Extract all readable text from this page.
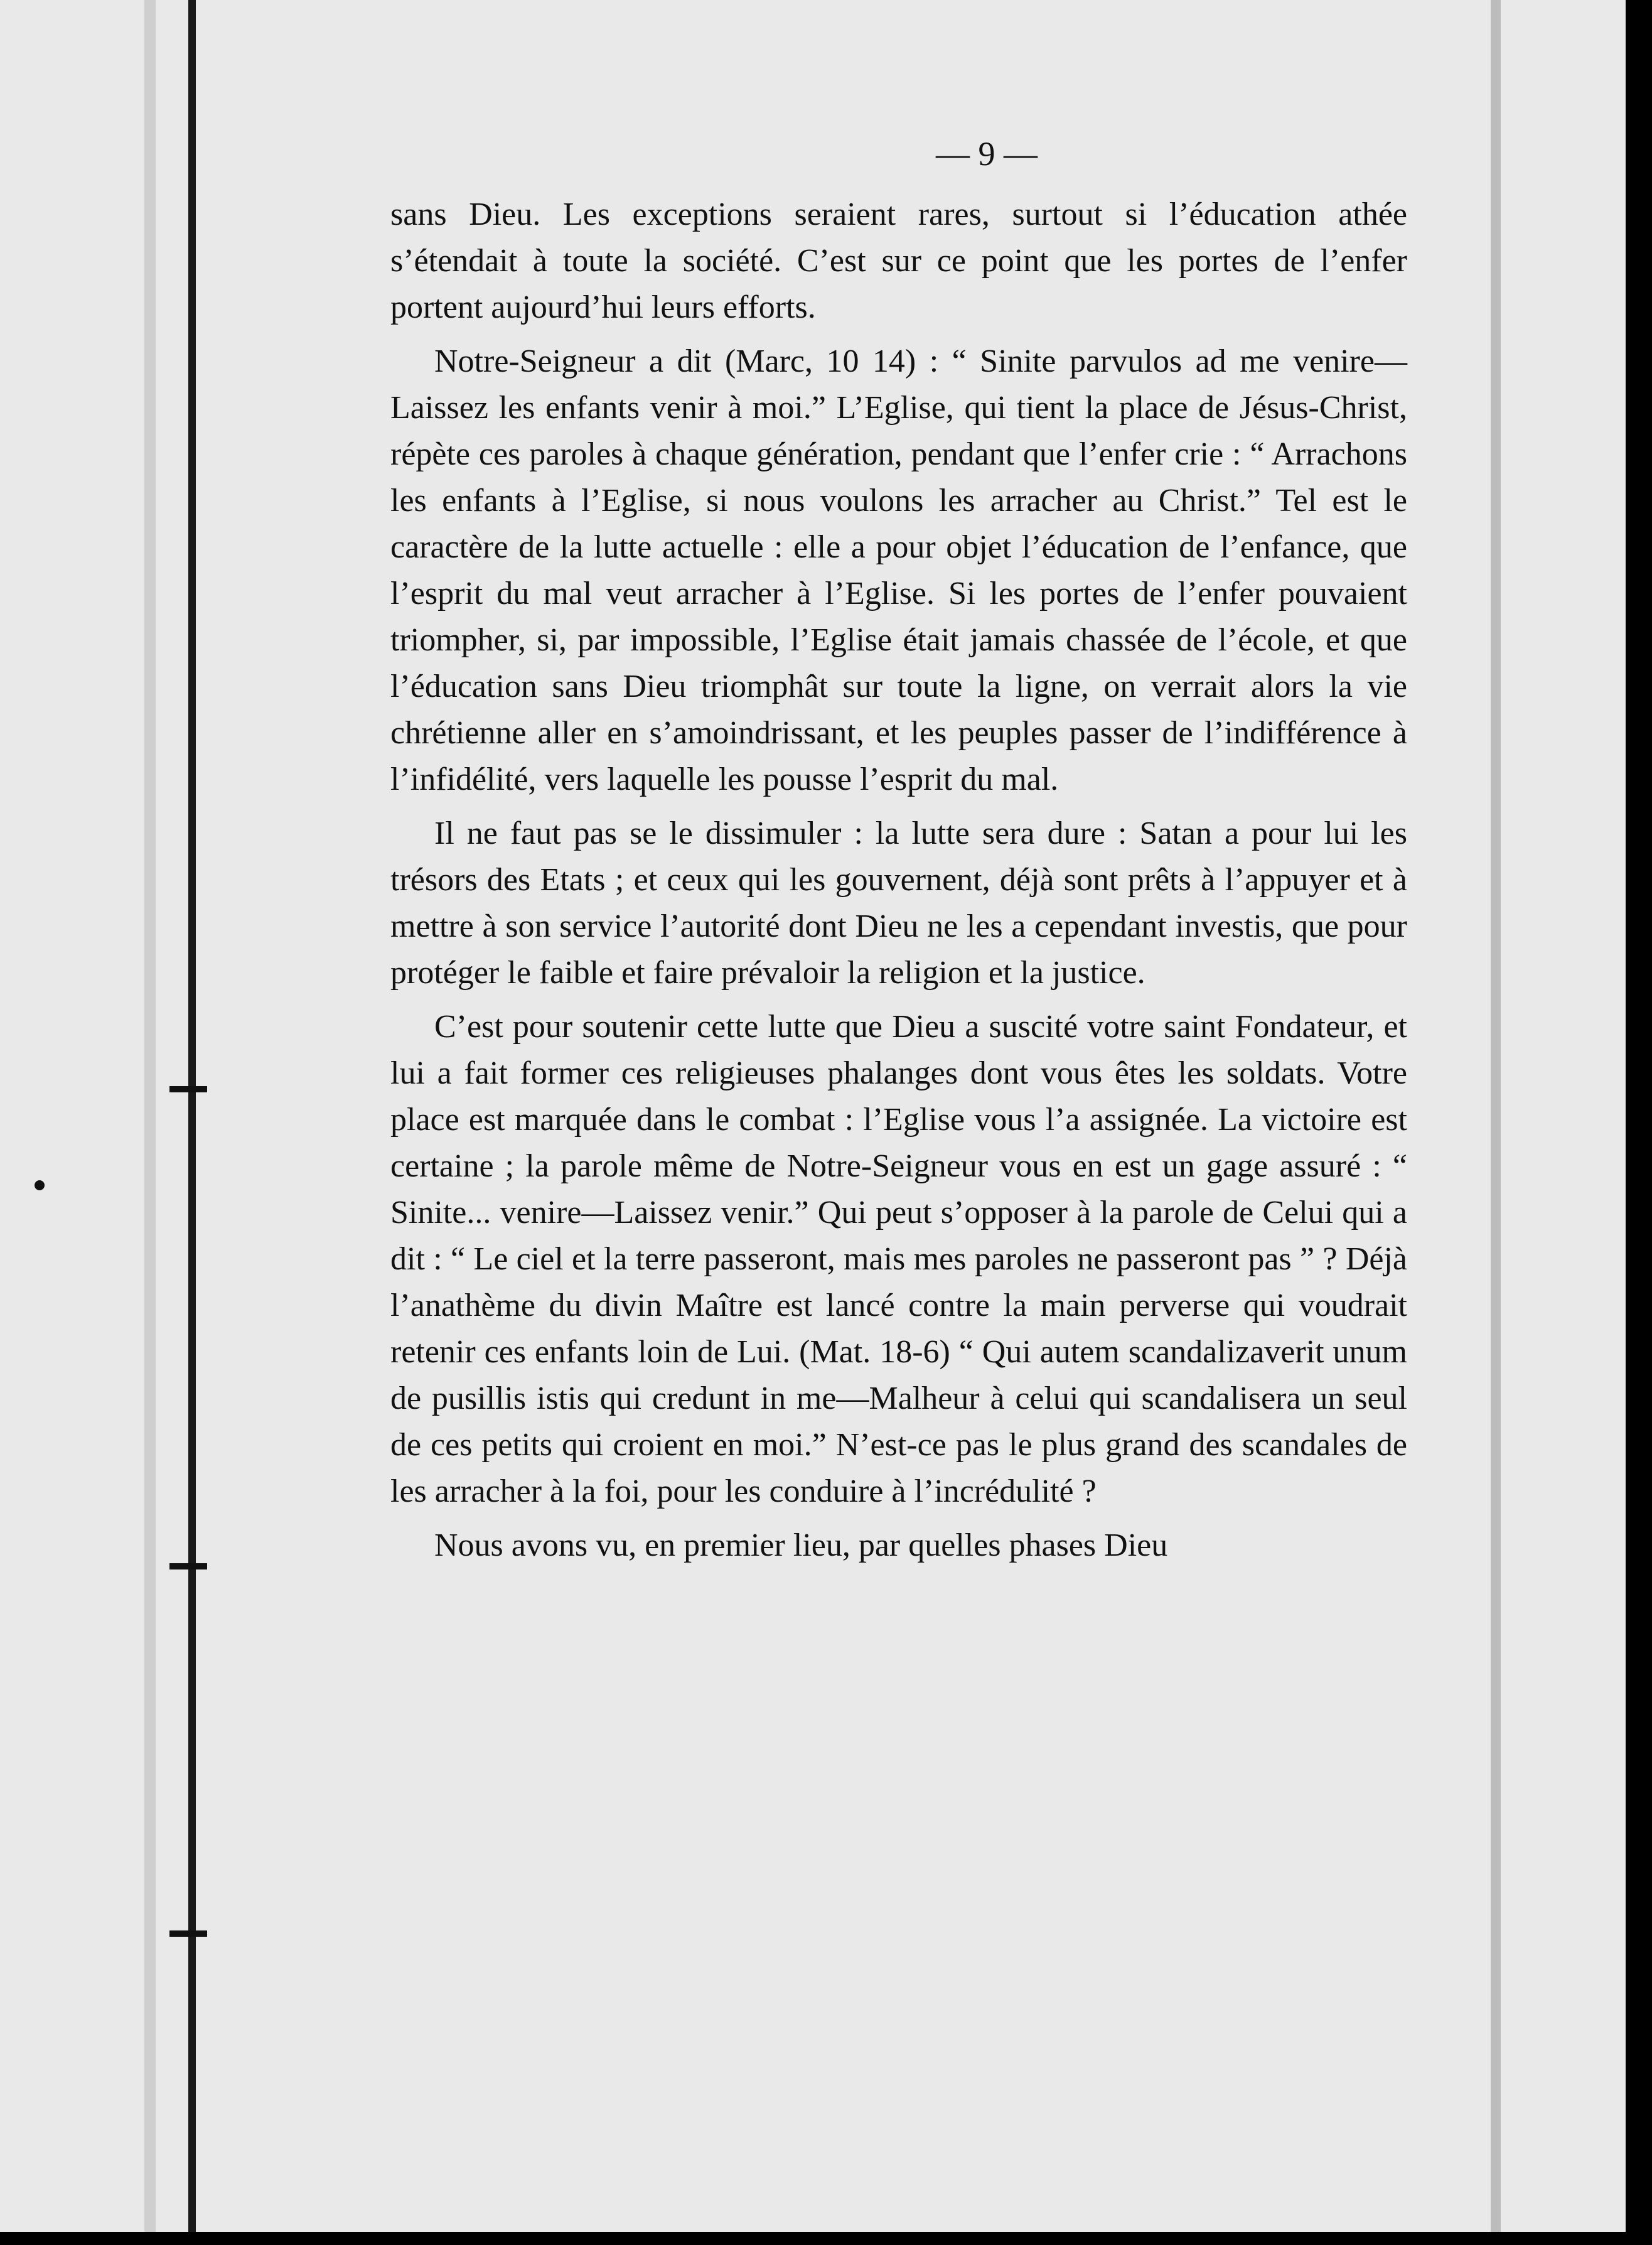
— 9 —

sans Dieu. Les exceptions seraient rares, surtout si l’éducation athée s’étendait à toute la société. C’est sur ce point que les portes de l’enfer portent aujourd’hui leurs efforts.

Notre-Seigneur a dit (Marc, 10 14) : “ Sinite parvulos ad me venire—Laissez les enfants venir à moi.” L’Eglise, qui tient la place de Jésus-Christ, répète ces paroles à chaque génération, pendant que l’enfer crie : “ Arrachons les enfants à l’Eglise, si nous voulons les arracher au Christ.” Tel est le caractère de la lutte actuelle : elle a pour objet l’éducation de l’enfance, que l’esprit du mal veut arracher à l’Eglise. Si les portes de l’enfer pouvaient triompher, si, par impossible, l’Eglise était jamais chassée de l’école, et que l’éducation sans Dieu triomphât sur toute la ligne, on verrait alors la vie chrétienne aller en s’amoindrissant, et les peuples passer de l’indifférence à l’infidélité, vers laquelle les pousse l’esprit du mal.

Il ne faut pas se le dissimuler : la lutte sera dure : Satan a pour lui les trésors des Etats ; et ceux qui les gouvernent, déjà sont prêts à l’appuyer et à mettre à son service l’autorité dont Dieu ne les a cependant investis, que pour protéger le faible et faire prévaloir la religion et la justice.

C’est pour soutenir cette lutte que Dieu a suscité votre saint Fondateur, et lui a fait former ces religieuses phalanges dont vous êtes les soldats. Votre place est marquée dans le combat : l’Eglise vous l’a assignée. La victoire est certaine ; la parole même de Notre-Seigneur vous en est un gage assuré : “ Sinite... venire—Laissez venir.” Qui peut s’opposer à la parole de Celui qui a dit : “ Le ciel et la terre passeront, mais mes paroles ne passeront pas ” ? Déjà l’anathème du divin Maître est lancé contre la main perverse qui voudrait retenir ces enfants loin de Lui. (Mat. 18-6) “ Qui autem scandalizaverit unum de pusillis istis qui credunt in me—Malheur à celui qui scandalisera un seul de ces petits qui croient en moi.” N’est-ce pas le plus grand des scandales de les arracher à la foi, pour les conduire à l’incrédulité ?

Nous avons vu, en premier lieu, par quelles phases Dieu
